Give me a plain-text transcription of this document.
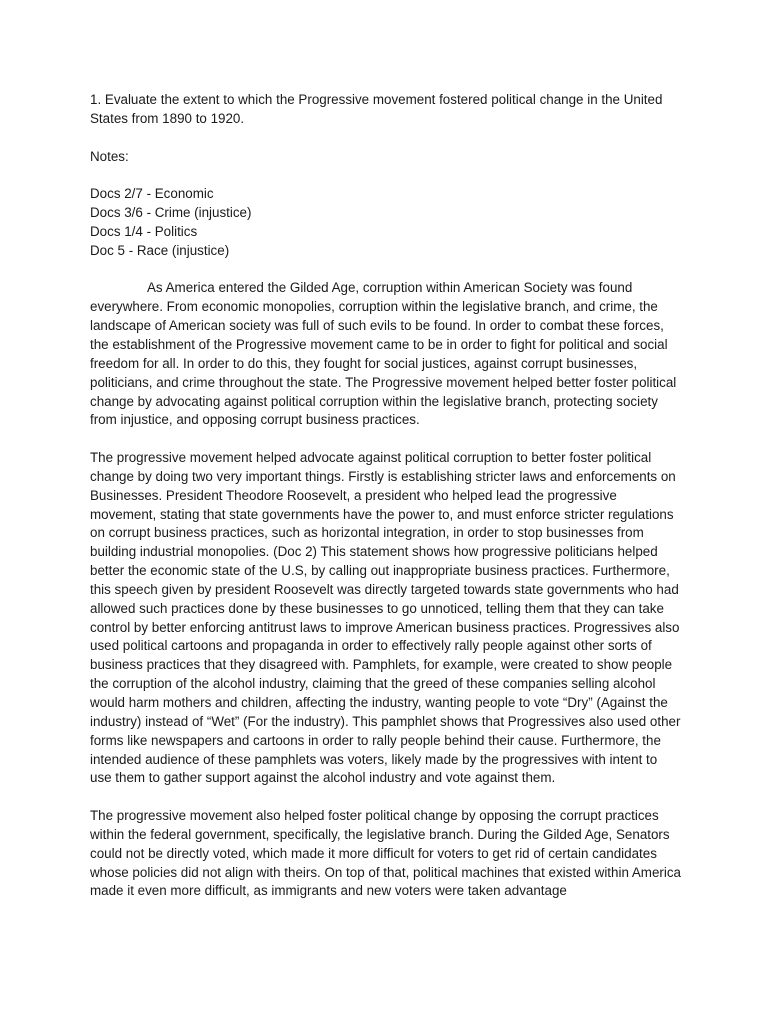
1. Evaluate the extent to which the Progressive movement fostered political change in the United States from 1890 to 1920.

Notes:

Docs 2/7 - Economic
Docs 3/6 - Crime (injustice)
Docs 1/4 - Politics
Doc 5 - Race (injustice)

As America entered the Gilded Age, corruption within American Society was found everywhere. From economic monopolies, corruption within the legislative branch, and crime, the landscape of American society was full of such evils to be found. In order to combat these forces, the establishment of the Progressive movement came to be in order to fight for political and social freedom for all. In order to do this, they fought for social justices, against corrupt businesses, politicians, and crime throughout the state. The Progressive movement helped better foster political change by advocating against political corruption within the legislative branch, protecting society from injustice, and opposing corrupt business practices.

The progressive movement helped advocate against political corruption to better foster political change by doing two very important things. Firstly is establishing stricter laws and enforcements on Businesses. President Theodore Roosevelt, a president who helped lead the progressive movement, stating that state governments have the power to, and must enforce stricter regulations on corrupt business practices, such as horizontal integration, in order to stop businesses from building industrial monopolies. (Doc 2) This statement shows how progressive politicians helped better the economic state of the U.S, by calling out inappropriate business practices. Furthermore, this speech given by president Roosevelt was directly targeted towards state governments who had allowed such practices done by these businesses to go unnoticed, telling them that they can take control by better enforcing antitrust laws to improve American business practices. Progressives also used political cartoons and propaganda in order to effectively rally people against other sorts of business practices that they disagreed with. Pamphlets, for example, were created to show people the corruption of the alcohol industry, claiming that the greed of these companies selling alcohol would harm mothers and children, affecting the industry, wanting people to vote “Dry” (Against the industry) instead of “Wet” (For the industry). This pamphlet shows that Progressives also used other forms like newspapers and cartoons in order to rally people behind their cause. Furthermore, the intended audience of these pamphlets was voters, likely made by the progressives with intent to use them to gather support against the alcohol industry and vote against them.

The progressive movement also helped foster political change by opposing the corrupt practices within the federal government, specifically, the legislative branch. During the Gilded Age, Senators could not be directly voted, which made it more difficult for voters to get rid of certain candidates whose policies did not align with theirs. On top of that, political machines that existed within America made it even more difficult, as immigrants and new voters were taken advantage
